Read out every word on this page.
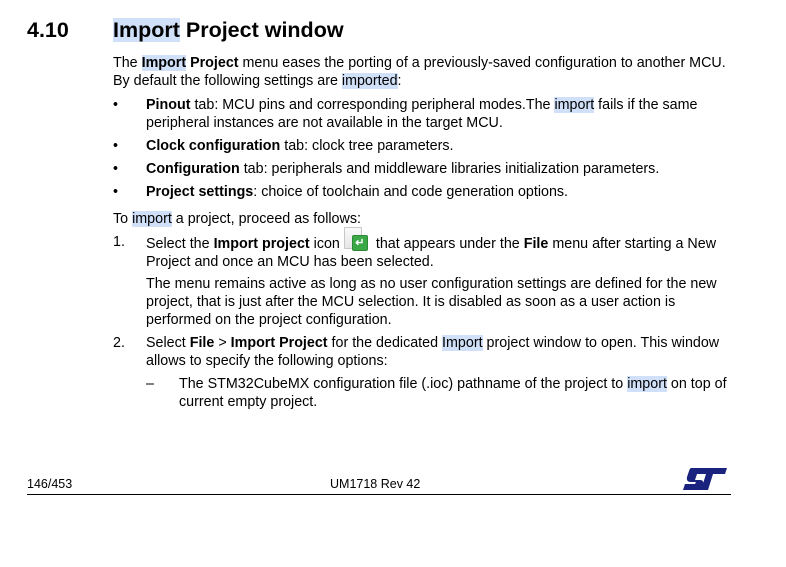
4.10 Import Project window
The Import Project menu eases the porting of a previously-saved configuration to another MCU. By default the following settings are imported:
• Pinout tab: MCU pins and corresponding peripheral modes.The import fails if the same peripheral instances are not available in the target MCU.
• Clock configuration tab: clock tree parameters.
• Configuration tab: peripherals and middleware libraries initialization parameters.
• Project settings: choice of toolchain and code generation options.
To import a project, proceed as follows:
1. Select the Import project icon	↵ that appears under the File menu after starting a New Project and once an MCU has been selected.
The menu remains active as long as no user configuration settings are defined for the new project, that is just after the MCU selection. It is disabled as soon as a user action is performed on the project configuration.
2. Select File > Import Project for the dedicated Import project window to open. This window allows to specify the following options:
– The STM32CubeMX configuration file (.ioc) pathname of the project to import on top of current empty project.
146/453	UM1718 Rev 42
